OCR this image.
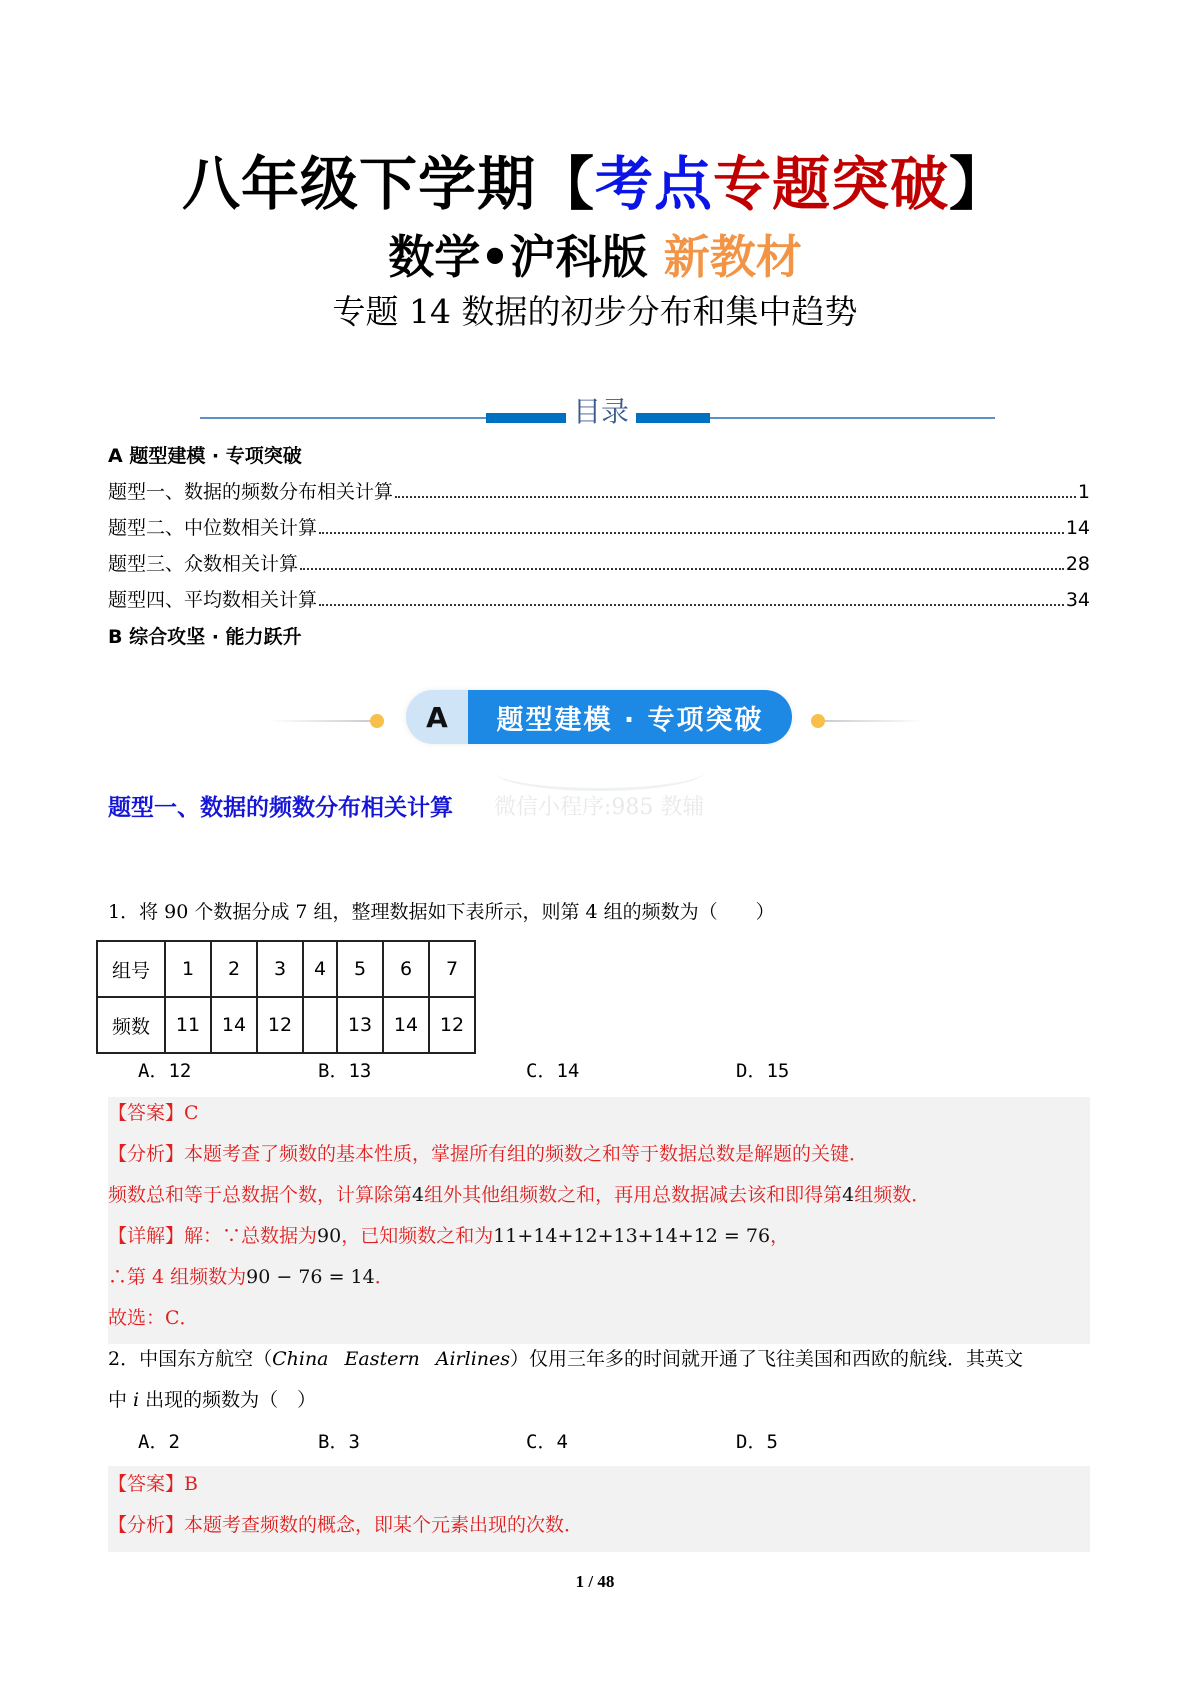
八年级下学期【考点专题突破】
数学•沪科版 新教材
专题 14 数据的初步分布和集中趋势
目录
A 题型建模 · 专项突破
题型一、数据的频数分布相关计算	1
题型二、中位数相关计算	14
题型三、众数相关计算	28
题型四、平均数相关计算	34
B 综合攻坚 · 能力跃升
A	题型建模 · 专项突破
微信小程序:985 教辅
题型一、数据的频数分布相关计算
1．将 90 个数据分成 7 组，整理数据如下表所示，则第 4 组的频数为（　　）
组号	1	2	3	4	5	6	7
频数	11	14	12		13	14	12
A．12	B．13	C．14	D．15
【答案】C
【分析】本题考查了频数的基本性质，掌握所有组的频数之和等于数据总数是解题的关键．
频数总和等于总数据个数，计算除第4组外其他组频数之和，再用总数据减去该和即得第4组频数．
【详解】解：∵总数据为90，已知频数之和为11+14+12+13+14+12 = 76，
∴第 4 组频数为90 − 76 = 14．
故选：C．
2．中国东方航空（China Eastern Airlines）仅用三年多的时间就开通了飞往美国和西欧的航线．其英文
中 i 出现的频数为（　）
A．2	B．3	C．4	D．5
【答案】B
【分析】本题考查频数的概念，即某个元素出现的次数．
1 / 48
